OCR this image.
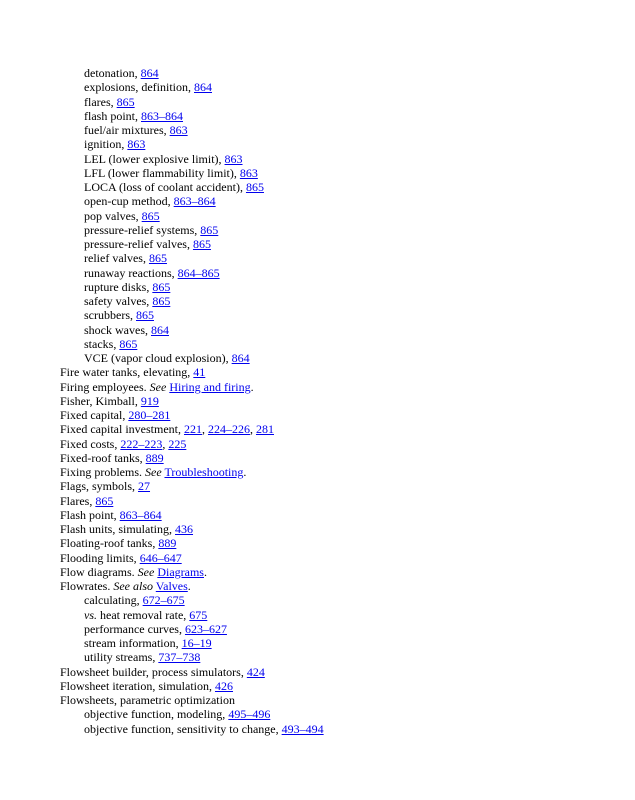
detonation, 864
explosions, definition, 864
flares, 865
flash point, 863–864
fuel/air mixtures, 863
ignition, 863
LEL (lower explosive limit), 863
LFL (lower flammability limit), 863
LOCA (loss of coolant accident), 865
open-cup method, 863–864
pop valves, 865
pressure-relief systems, 865
pressure-relief valves, 865
relief valves, 865
runaway reactions, 864–865
rupture disks, 865
safety valves, 865
scrubbers, 865
shock waves, 864
stacks, 865
VCE (vapor cloud explosion), 864
Fire water tanks, elevating, 41
Firing employees. See Hiring and firing.
Fisher, Kimball, 919
Fixed capital, 280–281
Fixed capital investment, 221, 224–226, 281
Fixed costs, 222–223, 225
Fixed-roof tanks, 889
Fixing problems. See Troubleshooting.
Flags, symbols, 27
Flares, 865
Flash point, 863–864
Flash units, simulating, 436
Floating-roof tanks, 889
Flooding limits, 646–647
Flow diagrams. See Diagrams.
Flowrates. See also Valves.
calculating, 672–675
vs. heat removal rate, 675
performance curves, 623–627
stream information, 16–19
utility streams, 737–738
Flowsheet builder, process simulators, 424
Flowsheet iteration, simulation, 426
Flowsheets, parametric optimization
objective function, modeling, 495–496
objective function, sensitivity to change, 493–494
